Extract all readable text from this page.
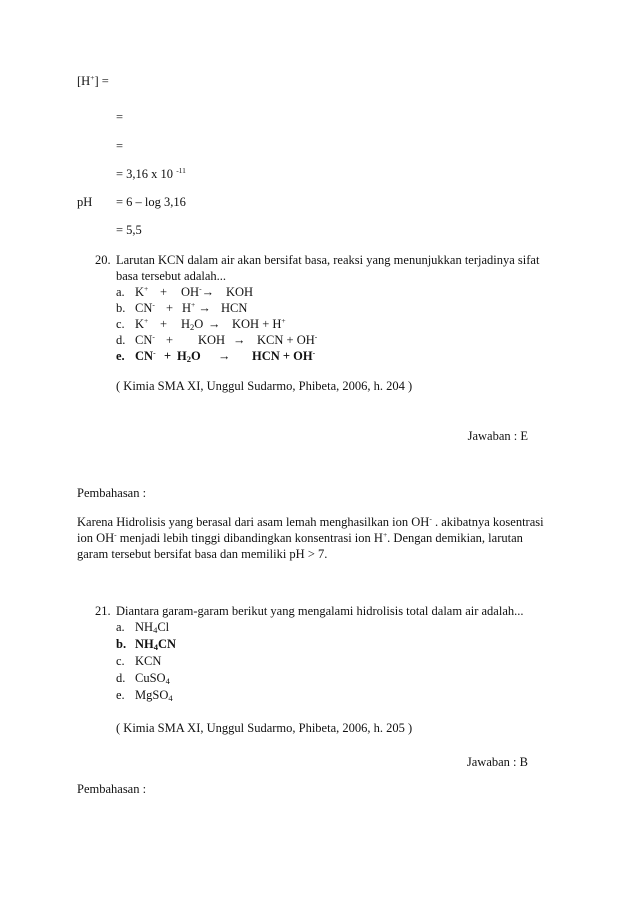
[H+] =
=
=
= 3,16 x 10 $^{-11}$
pH = 6 – log 3,16
= 5,5
20. Larutan KCN dalam air akan bersifat basa, reaksi yang menunjukkan terjadinya sifat
basa tersebut adalah...
a. K+ + OH-→ KOH
b. CN- + H+ → HCN
c. $K^+ + H_2O$ → KOH + H+
d. CN- + KOH → KCN + OH-
e. $CN^- + H_2O$ → HCN + OH-
( Kimia SMA XI, Unggul Sudarmo, Phibeta, 2006, h. 204 )
Jawaban : E
Pembahasan :
Karena Hidrolisis yang berasal dari asam lemah menghasilkan ion OH- . akibatnya kosentrasi
ion OH- menjadi lebih tinggi dibandingkan konsentrasi ion H+. Dengan demikian, larutan
garam tersebut bersifat basa dan memiliki pH > 7.
21. Diantara garam-garam berikut yang mengalami hidrolisis total dalam air adalah...
a. $NH_4Cl$
b. $NH_4CN$
c. KCN
d. CuSO$_4$
e. MgSO$_4$
( Kimia SMA XI, Unggul Sudarmo, Phibeta, 2006, h. 205 )
Jawaban : B
Pembahasan :
